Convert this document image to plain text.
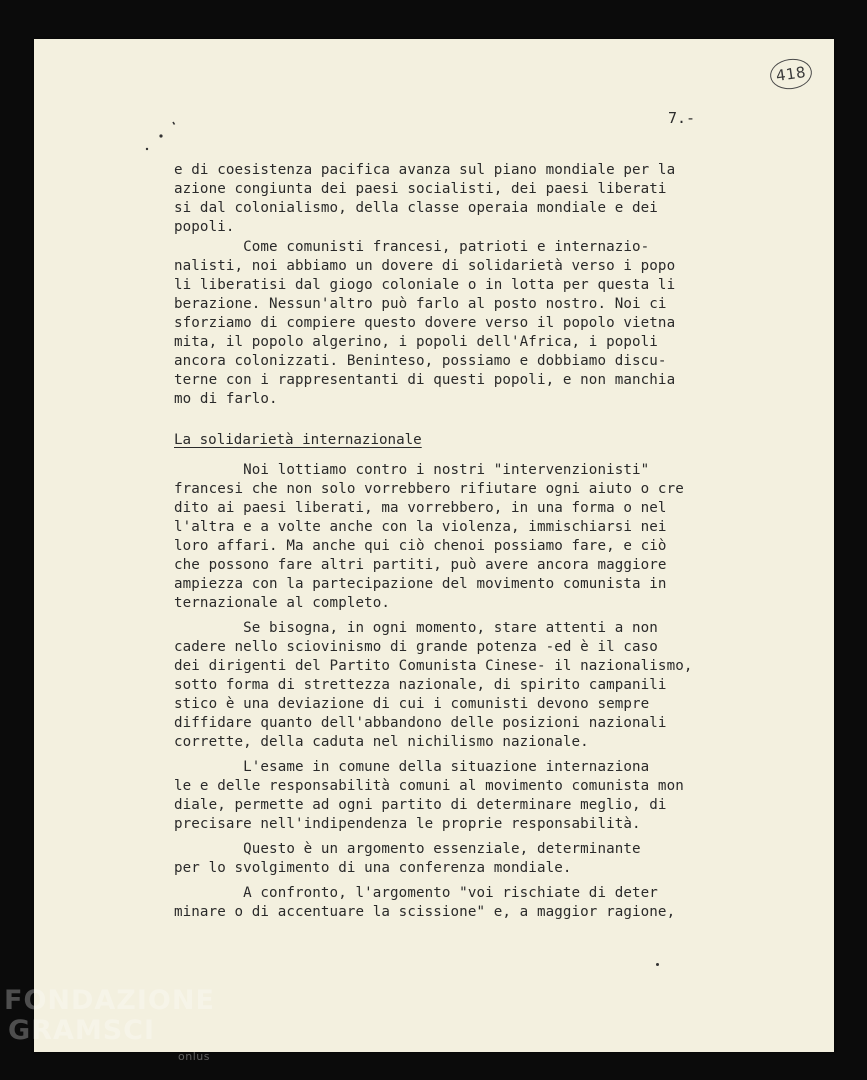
418
7.-
e di coesistenza pacifica avanza sul piano mondiale per la
azione congiunta dei paesi socialisti, dei paesi liberati
si dal colonialismo, della classe operaia mondiale e dei
popoli.
Come comunisti francesi, patrioti e internazio-
nalisti, noi abbiamo un dovere di solidarietà verso i popo
li liberatisi dal giogo coloniale o in lotta per questa li
berazione. Nessun'altro può farlo al posto nostro. Noi ci
sforziamo di compiere questo dovere verso il popolo vietna
mita, il popolo algerino, i popoli dell'Africa, i popoli
ancora colonizzati. Beninteso, possiamo e dobbiamo discu-
terne con i rappresentanti di questi popoli, e non manchia
mo di farlo.
La solidarietà internazionale
Noi lottiamo contro i nostri "intervenzionisti"
francesi che non solo vorrebbero rifiutare ogni aiuto o cre
dito ai paesi liberati, ma vorrebbero, in una forma o nel
l'altra e a volte anche con la violenza, immischiarsi nei
loro affari. Ma anche qui ciò chenoi possiamo fare, e ciò
che possono fare altri partiti, può avere ancora maggiore
ampiezza con la partecipazione del movimento comunista in
ternazionale al completo.
Se bisogna, in ogni momento, stare attenti a non
cadere nello sciovinismo di grande potenza -ed è il caso
dei dirigenti del Partito Comunista Cinese- il nazionalismo,
sotto forma di strettezza nazionale, di spirito campanili
stico è una deviazione di cui i comunisti devono sempre
diffidare quanto dell'abbandono delle posizioni nazionali
corrette, della caduta nel nichilismo nazionale.
L'esame in comune della situazione internaziona
le e delle responsabilità comuni al movimento comunista mon
diale, permette ad ogni partito di determinare meglio, di
precisare nell'indipendenza le proprie responsabilità.
Questo è un argomento essenziale, determinante
per lo svolgimento di una conferenza mondiale.
A confronto, l'argomento "voi rischiate di deter
minare o di accentuare la scissione" e, a maggior ragione,
FONDAZIONE
GRAMSCI
onlus
